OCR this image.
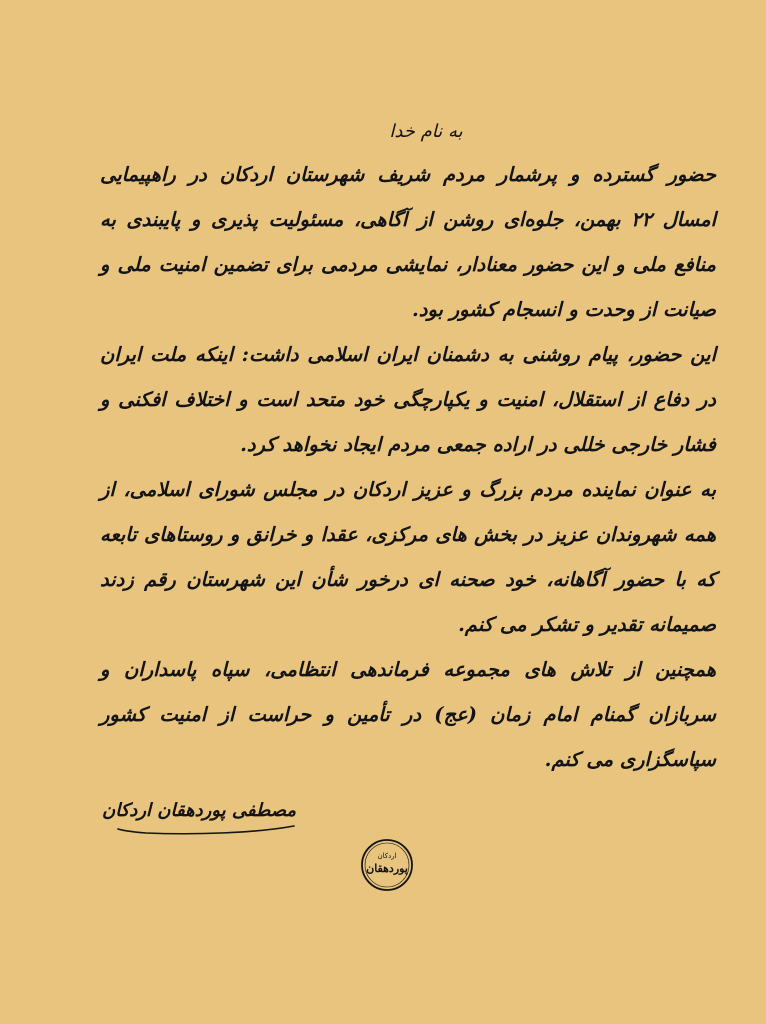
به نام خدا

حضور گسترده و پرشمار مردم شریف شهرستان اردکان در راهپیمایی امسال ۲۲ بهمن، جلوه‌ای روشن از آگاهی، مسئولیت پذیری و پایبندی به منافع ملی و این حضور معنادار، نمایشی مردمی برای تضمین امنیت ملی و صیانت از وحدت و انسجام کشور بود.

این حضور، پیام روشنی به دشمنان ایران اسلامی داشت: اینکه ملت ایران در دفاع از استقلال، امنیت و یکپارچگی خود متحد است و اختلاف افکنی و فشار خارجی خللی در اراده جمعی مردم ایجاد نخواهد کرد.

به عنوان نماینده مردم بزرگ و عزیز اردکان در مجلس شورای اسلامی، از همه شهروندان عزیز در بخش های مرکزی، عقدا و خرانق و روستاهای تابعه که با حضور آگاهانه، خود صحنه ای درخور شأن این شهرستان رقم زدند صمیمانه تقدیر و تشکر می کنم.

همچنین از تلاش های مجموعه فرماندهی انتظامی، سپاه پاسداران و سربازان گمنام امام زمان (عج) در تأمین و حراست از امنیت کشور سپاسگزاری می کنم.

مصطفی پوردهقان اردکان
اردکان
پوردهقان
